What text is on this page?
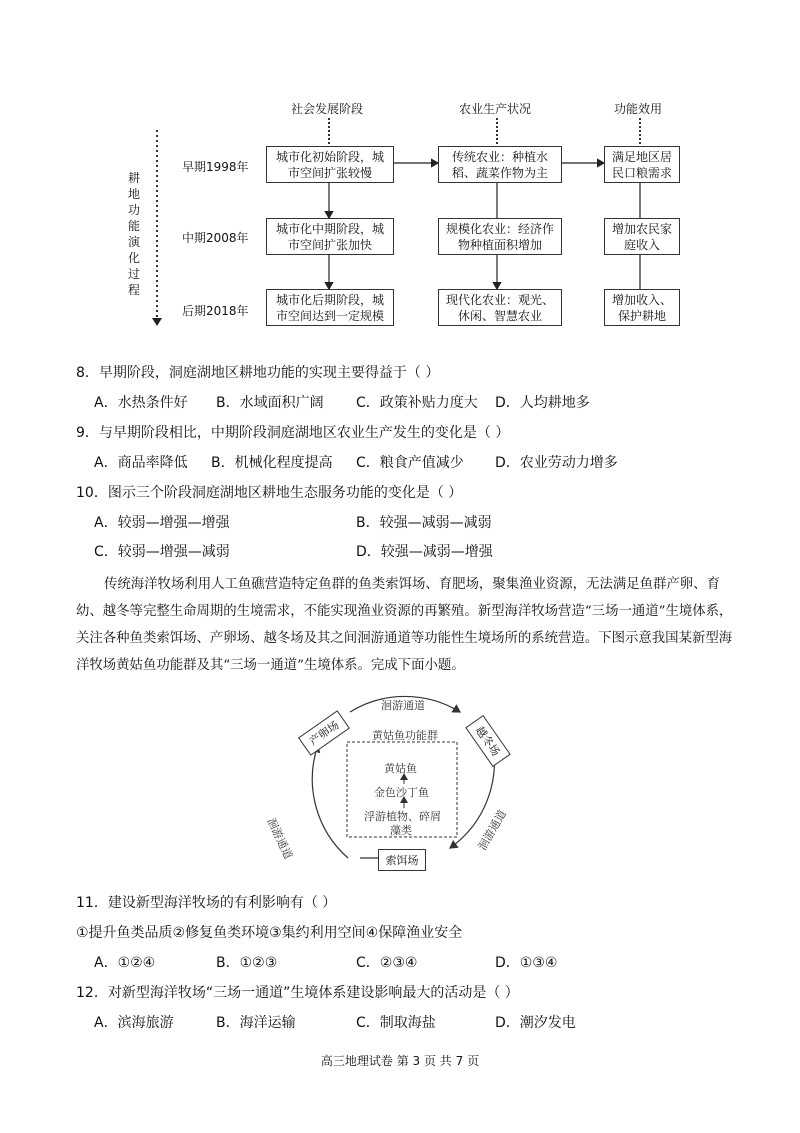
社会发展阶段	农业生产状况	功能效用
耕地功能演化过程
早期1998年
中期2008年
后期2018年
城市化初始阶段，城市空间扩张较慢
城市化中期阶段，城市空间扩张加快
城市化后期阶段，城市空间达到一定规模
传统农业：种植水稻、蔬菜作物为主
规模化农业：经济作物种植面积增加
现代化农业：观光、休闲、智慧农业
满足地区居民口粮需求
增加农民家庭收入
增加收入、保护耕地
8．早期阶段，洞庭湖地区耕地功能的实现主要得益于（ ）
A．水热条件好 B．水域面积广阔 C．政策补贴力度大 D．人均耕地多
9．与早期阶段相比，中期阶段洞庭湖地区农业生产发生的变化是（ ）
A．商品率降低 B．机械化程度提高 C．粮食产值减少 D．农业劳动力增多
10．图示三个阶段洞庭湖地区耕地生态服务功能的变化是（ ）
A．较弱—增强—增强	B．较强—减弱—减弱
C．较弱—增强—减弱	D．较强—减弱—增强
传统海洋牧场利用人工鱼礁营造特定鱼群的鱼类索饵场、育肥场，聚集渔业资源，无法满足鱼群产卵、育幼、越冬等完整生命周期的生境需求，不能实现渔业资源的再繁殖。新型海洋牧场营造“三场一通道”生境体系，关注各种鱼类索饵场、产卵场、越冬场及其之间洄游通道等功能性生境场所的系统营造。下图示意我国某新型海洋牧场黄姑鱼功能群及其“三场一通道”生境体系。完成下面小题。
洄游通道
黄姑鱼功能群
产卵场	越冬场
索饵场
黄姑鱼
金色沙丁鱼
浮游植物、碎屑
藻类
洄游通道	洄游通道
11．建设新型海洋牧场的有利影响有（ ）
①提升鱼类品质②修复鱼类环境③集约利用空间④保障渔业安全
A．①②④	B．①②③	C．②③④	D．①③④
12．对新型海洋牧场“三场一通道”生境体系建设影响最大的活动是（ ）
A．滨海旅游	B．海洋运输	C．制取海盐	D．潮汐发电
高三地理试卷 第 3 页 共 7 页
